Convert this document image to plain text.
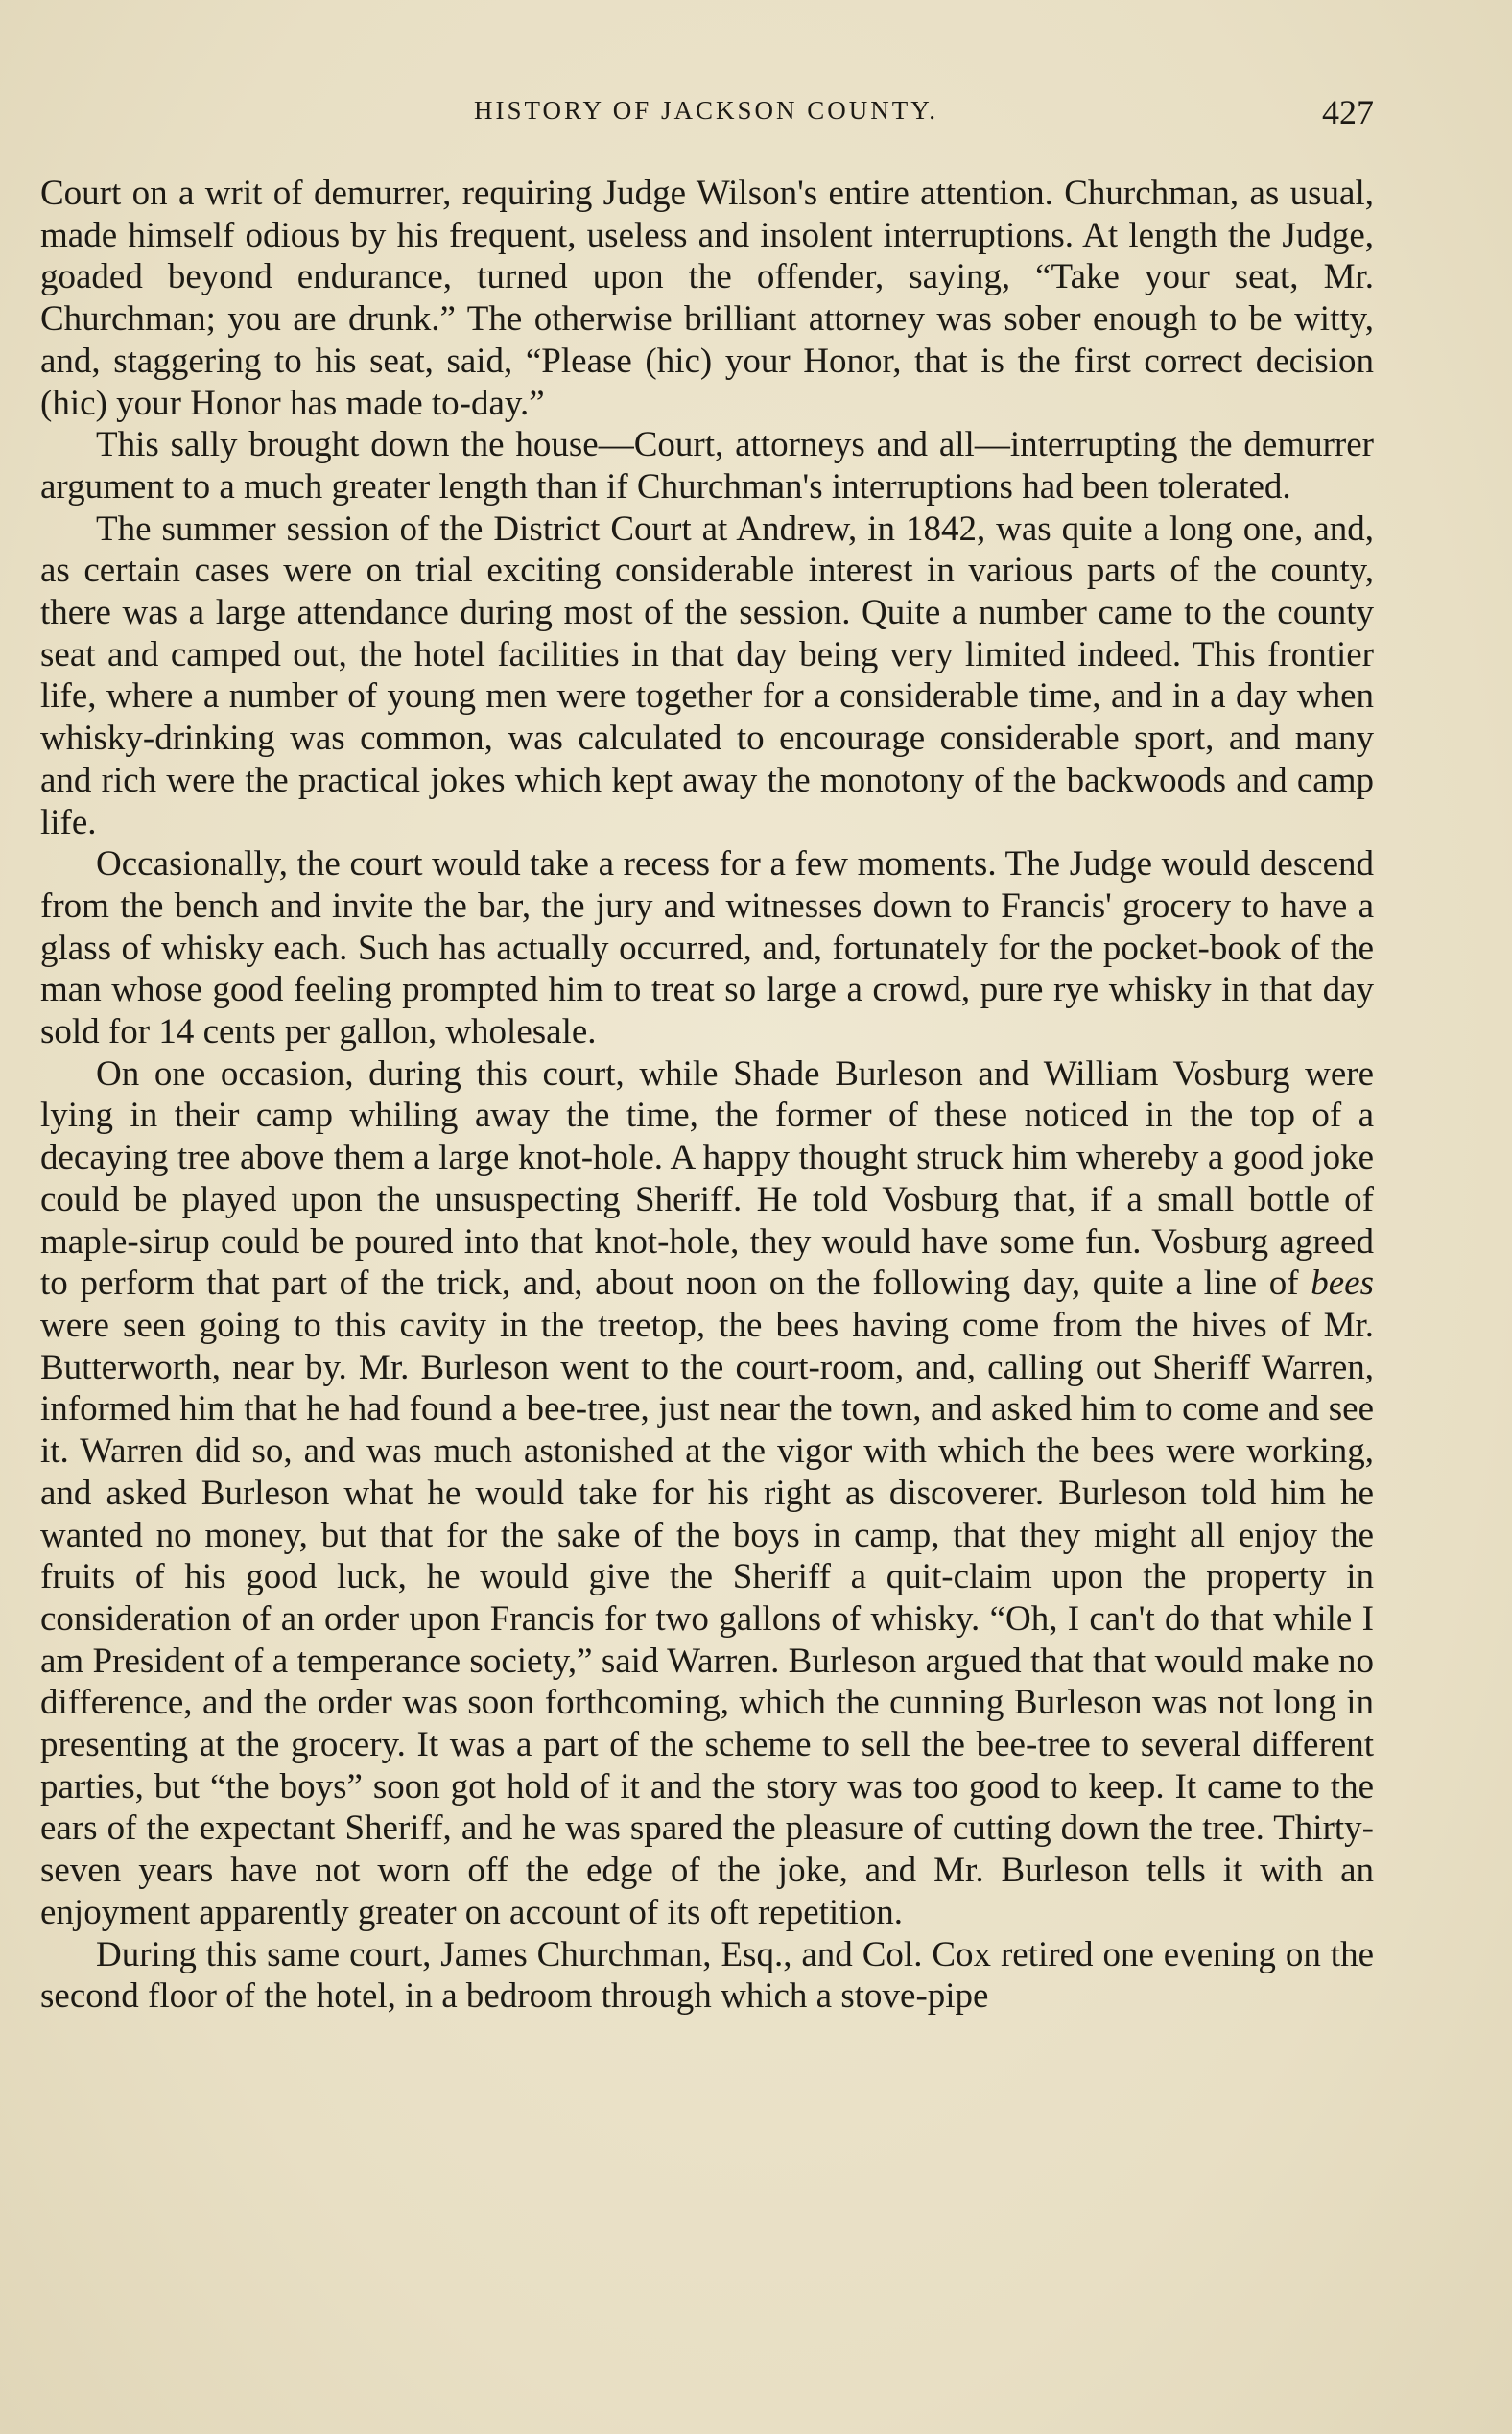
HISTORY OF JACKSON COUNTY.	427

Court on a writ of demurrer, requiring Judge Wilson's entire attention. Churchman, as usual, made himself odious by his frequent, useless and insolent interruptions. At length the Judge, goaded beyond endurance, turned upon the offender, saying, “Take your seat, Mr. Churchman; you are drunk.” The otherwise brilliant attorney was sober enough to be witty, and, staggering to his seat, said, “Please (hic) your Honor, that is the first correct decision (hic) your Honor has made to-day.”

This sally brought down the house—Court, attorneys and all—interrupting the demurrer argument to a much greater length than if Churchman's interruptions had been tolerated.

The summer session of the District Court at Andrew, in 1842, was quite a long one, and, as certain cases were on trial exciting considerable interest in various parts of the county, there was a large attendance during most of the session. Quite a number came to the county seat and camped out, the hotel facilities in that day being very limited indeed. This frontier life, where a number of young men were together for a considerable time, and in a day when whisky-drinking was common, was calculated to encourage considerable sport, and many and rich were the practical jokes which kept away the monotony of the backwoods and camp life.

Occasionally, the court would take a recess for a few moments. The Judge would descend from the bench and invite the bar, the jury and witnesses down to Francis' grocery to have a glass of whisky each. Such has actually occurred, and, fortunately for the pocket-book of the man whose good feeling prompted him to treat so large a crowd, pure rye whisky in that day sold for 14 cents per gallon, wholesale.

On one occasion, during this court, while Shade Burleson and William Vosburg were lying in their camp whiling away the time, the former of these noticed in the top of a decaying tree above them a large knot-hole. A happy thought struck him whereby a good joke could be played upon the unsuspecting Sheriff. He told Vosburg that, if a small bottle of maple-sirup could be poured into that knot-hole, they would have some fun. Vosburg agreed to perform that part of the trick, and, about noon on the following day, quite a line of bees were seen going to this cavity in the treetop, the bees having come from the hives of Mr. Butterworth, near by. Mr. Burleson went to the court-room, and, calling out Sheriff Warren, informed him that he had found a bee-tree, just near the town, and asked him to come and see it. Warren did so, and was much astonished at the vigor with which the bees were working, and asked Burleson what he would take for his right as discoverer. Burleson told him he wanted no money, but that for the sake of the boys in camp, that they might all enjoy the fruits of his good luck, he would give the Sheriff a quit-claim upon the property in consideration of an order upon Francis for two gallons of whisky. “Oh, I can't do that while I am President of a temperance society,” said Warren. Burleson argued that that would make no difference, and the order was soon forthcoming, which the cunning Burleson was not long in presenting at the grocery. It was a part of the scheme to sell the bee-tree to several different parties, but “the boys” soon got hold of it and the story was too good to keep. It came to the ears of the expectant Sheriff, and he was spared the pleasure of cutting down the tree. Thirty-seven years have not worn off the edge of the joke, and Mr. Burleson tells it with an enjoyment apparently greater on account of its oft repetition.

During this same court, James Churchman, Esq., and Col. Cox retired one evening on the second floor of the hotel, in a bedroom through which a stove-pipe
